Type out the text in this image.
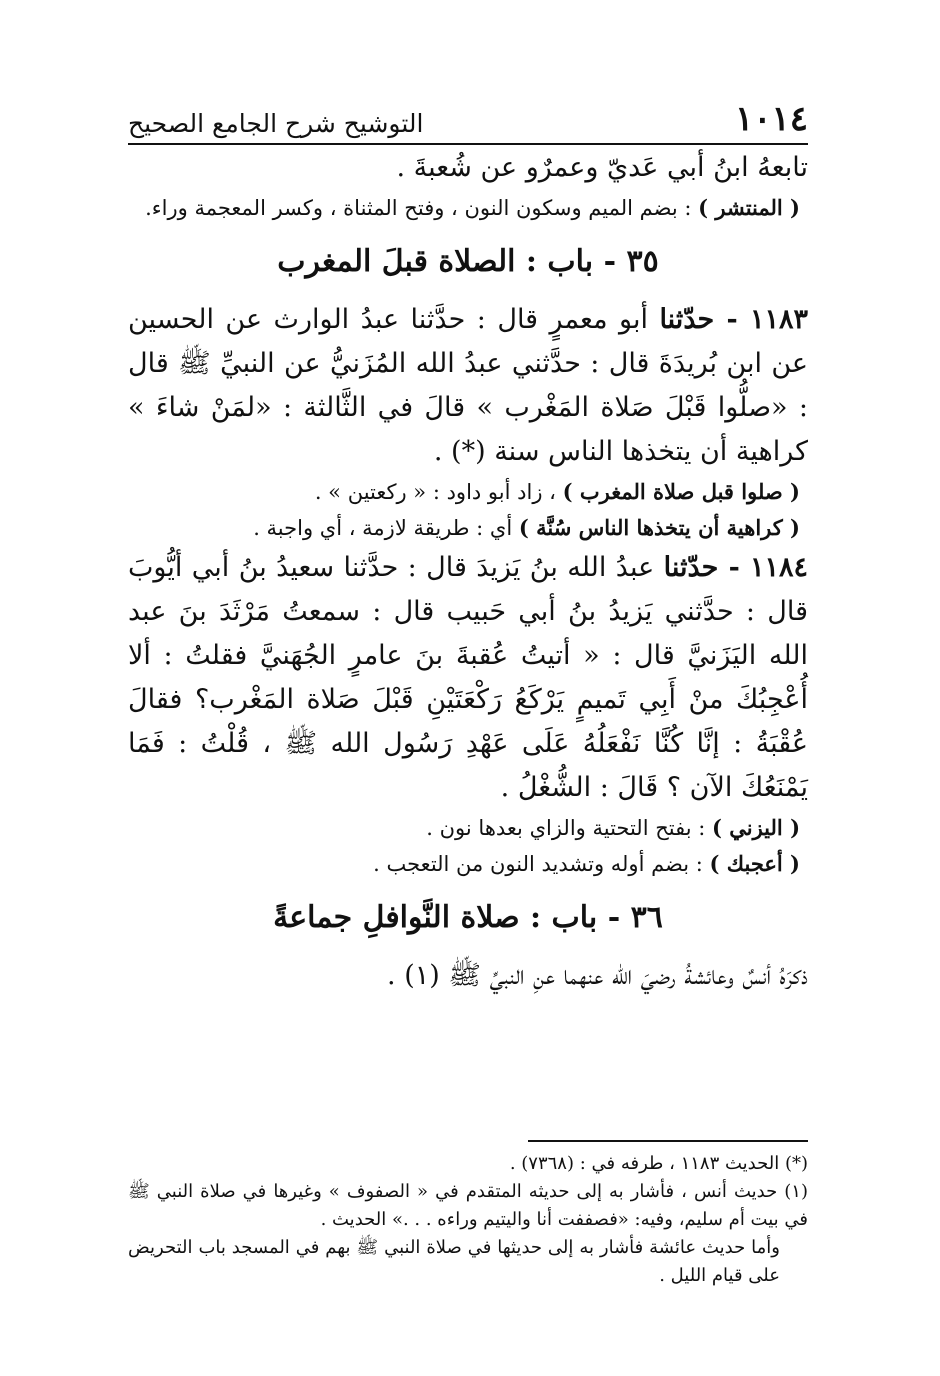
١٠١٤
التوشيح شرح الجامع الصحيح

تابعهُ ابنُ أبي عَديّ وعمرٌو عن شُعبةَ .

( المنتشر ) : بضم الميم وسكون النون ، وفتح المثناة ، وكسر المعجمة وراء.

٣٥ - باب : الصلاة قبلَ المغرب

١١٨٣ - حدّثنا أبو معمرٍ قال : حدَّثنا عبدُ الوارث عن الحسين عن ابن بُريدَةَ قال : حدَّثني عبدُ الله المُزَنيُّ عن النبيِّ ﷺ قال : «صلُّوا قَبْلَ صَلاة المَغْرب » قالَ في الثَّالثة : «لمَنْ شاءَ » كراهية أن يتخذها الناس سنة (*) .

( صلوا قبل صلاة المغرب ) ، زاد أبو داود : « ركعتين » .

( كراهية أن يتخذها الناس سُنَّة ) أي : طريقة لازمة ، أي واجبة .

١١٨٤ - حدّثنا عبدُ الله بنُ يَزيدَ قال : حدَّثنا سعيدُ بنُ أبي أيُّوبَ قال : حدَّثني يَزيدُ بنُ أبي حَبيب قال : سمعتُ مَرْثَدَ بنَ عبد الله اليَزَنيَّ قال : « أتيتُ عُقبةَ بنَ عامرٍ الجُهَنيَّ فقلتُ : ألا أُعْجِبُكَ منْ أَبِي تَميمٍ يَرْكَعُ رَكْعَتَيْنِ قَبْلَ صَلاة المَغْرب؟ فقالَ عُقْبَةُ : إنَّا كُنَّا نَفْعَلُهُ عَلَى عَهْدِ رَسُول الله ﷺ ، قُلْتُ : فَمَا يَمْنَعُكَ الآن ؟ قَالَ : الشُّغْلُ .

( اليزني ) : بفتح التحتية والزاي بعدها نون .

( أعجبك ) : بضم أوله وتشديد النون من التعجب .

٣٦ - باب : صلاة النَّوافلِ جماعةً

ذكرَهُ أنسٌ وعائشةُ رضيَ الله عنهما عنِ النبيِّ ﷺ (١) .

(*) الحديث ١١٨٣ ، طرفه في : (٧٣٦٨) .

(١) حديث أنس ، فأشار به إلى حديثه المتقدم في « الصفوف » وغيرها في صلاة النبي ﷺ في بيت أم سليم، وفيه: «فصففت أنا واليتيم وراءه . . .» الحديث .

وأما حديث عائشة فأشار به إلى حديثها في صلاة النبي ﷺ بهم في المسجد باب التحريض على قيام الليل .
